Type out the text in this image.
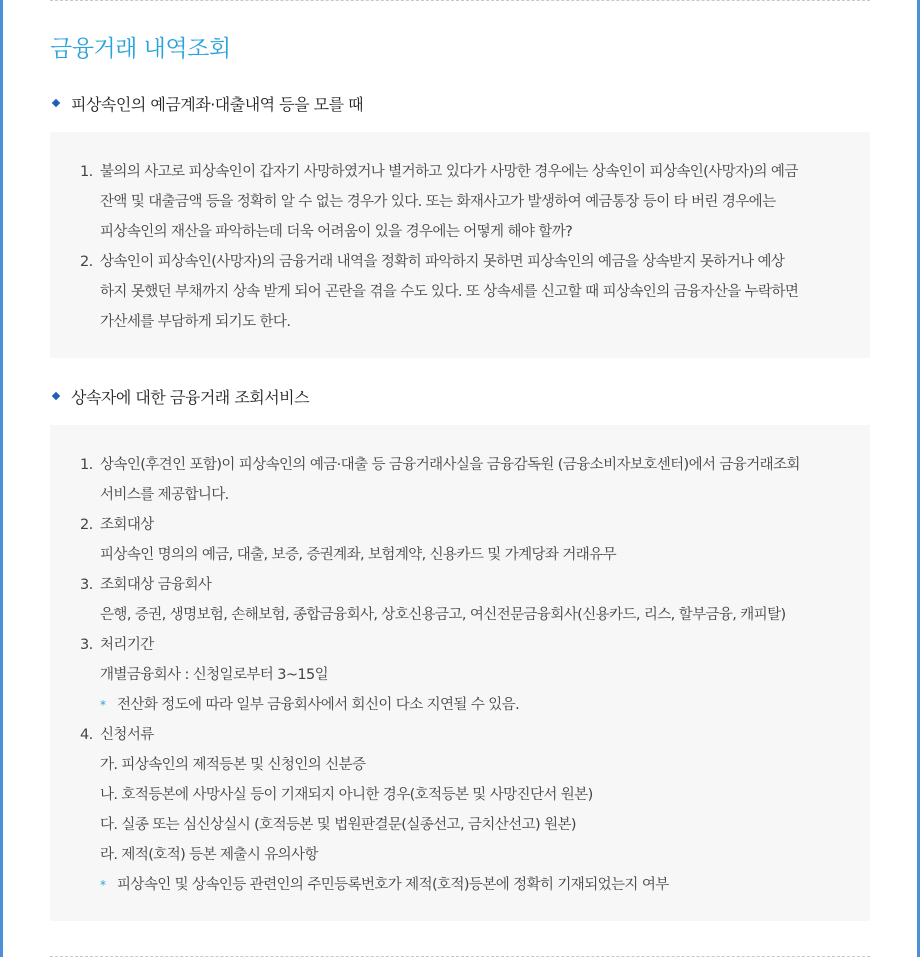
금융거래 내역조회
피상속인의 예금계좌·대출내역 등을 모를 때
1. 불의의 사고로 피상속인이 갑자기 사망하였거나 별거하고 있다가 사망한 경우에는 상속인이 피상속인(사망자)의 예금
잔액 및 대출금액 등을 정확히 알 수 없는 경우가 있다. 또는 화재사고가 발생하여 예금통장 등이 타 버린 경우에는
피상속인의 재산을 파악하는데 더욱 어려움이 있을 경우에는 어떻게 해야 할까?
2. 상속인이 피상속인(사망자)의 금융거래 내역을 정확히 파악하지 못하면 피상속인의 예금을 상속받지 못하거나 예상
하지 못했던 부채까지 상속 받게 되어 곤란을 겪을 수도 있다. 또 상속세를 신고할 때 피상속인의 금융자산을 누락하면
가산세를 부담하게 되기도 한다.
상속자에 대한 금융거래 조회서비스
1. 상속인(후견인 포함)이 피상속인의 예금·대출 등 금융거래사실을 금융감독원 (금융소비자보호센터)에서 금융거래조회
서비스를 제공합니다.
2. 조회대상
피상속인 명의의 예금, 대출, 보증, 증권계좌, 보험계약, 신용카드 및 가계당좌 거래유무
3. 조회대상 금융회사
은행, 증권, 생명보험, 손해보험, 종합금융회사, 상호신용금고, 여신전문금융회사(신용카드, 리스, 할부금융, 캐피탈)
3. 처리기간
개별금융회사 : 신청일로부터 3~15일
* 전산화 정도에 따라 일부 금융회사에서 회신이 다소 지연될 수 있음.
4. 신청서류
가. 피상속인의 제적등본 및 신청인의 신분증
나. 호적등본에 사망사실 등이 기재되지 아니한 경우(호적등본 및 사망진단서 원본)
다. 실종 또는 심신상실시 (호적등본 및 법원판결문(실종선고, 금치산선고) 원본)
라. 제적(호적) 등본 제출시 유의사항
* 피상속인 및 상속인등 관련인의 주민등록번호가 제적(호적)등본에 정확히 기재되었는지 여부
